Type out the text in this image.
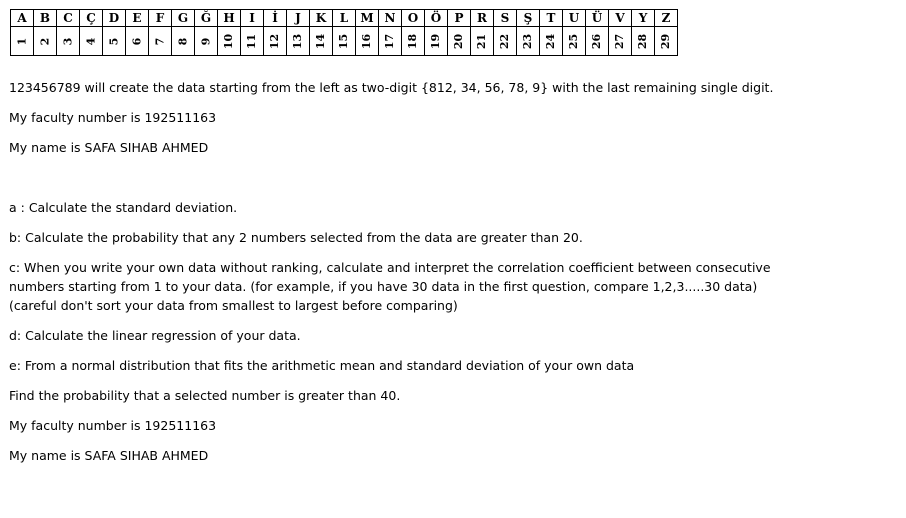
A	B	C	Ç	D	E	F	G	Ğ	H	I	İ	J	K	L	M	N	O	Ö	P	R	S	Ş	T	U	Ü	V	Y	Z
1	2	3	4	5	6	7	8	9	10	11	12	13	14	15	16	17	18	19	20	21	22	23	24	25	26	27	28	29

123456789 will create the data starting from the left as two-digit {812, 34, 56, 78, 9} with the last remaining single digit.

My faculty number is 192511163

My name is SAFA SIHAB AHMED

a : Calculate the standard deviation.

b: Calculate the probability that any 2 numbers selected from the data are greater than 20.

c: When you write your own data without ranking, calculate and interpret the correlation coefficient between consecutive numbers starting from 1 to your data. (for example, if you have 30 data in the first question, compare 1,2,3.....30 data) (careful don't sort your data from smallest to largest before comparing)

d: Calculate the linear regression of your data.

e: From a normal distribution that fits the arithmetic mean and standard deviation of your own data

Find the probability that a selected number is greater than 40.

My faculty number is 192511163

My name is SAFA SIHAB AHMED
